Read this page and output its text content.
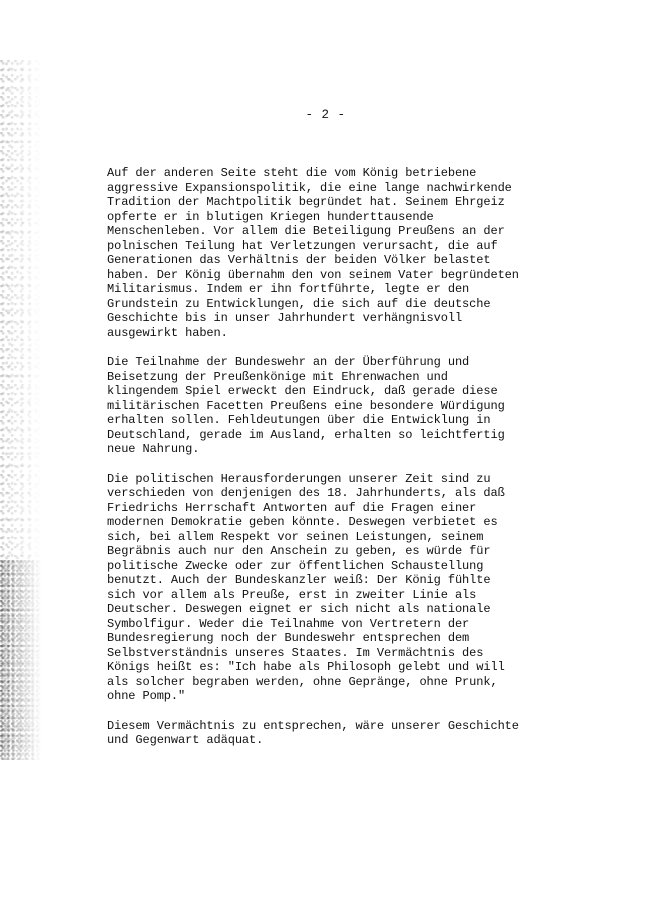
- 2 -

Auf der anderen Seite steht die vom König betriebene
aggressive Expansionspolitik, die eine lange nachwirkende
Tradition der Machtpolitik begründet hat. Seinem Ehrgeiz
opferte er in blutigen Kriegen hunderttausende
Menschenleben. Vor allem die Beteiligung Preußens an der
polnischen Teilung hat Verletzungen verursacht, die auf
Generationen das Verhältnis der beiden Völker belastet
haben. Der König übernahm den von seinem Vater begründeten
Militarismus. Indem er ihn fortführte, legte er den
Grundstein zu Entwicklungen, die sich auf die deutsche
Geschichte bis in unser Jahrhundert verhängnisvoll
ausgewirkt haben.

Die Teilnahme der Bundeswehr an der Überführung und
Beisetzung der Preußenkönige mit Ehrenwachen und
klingendem Spiel erweckt den Eindruck, daß gerade diese
militärischen Facetten Preußens eine besondere Würdigung
erhalten sollen. Fehldeutungen über die Entwicklung in
Deutschland, gerade im Ausland, erhalten so leichtfertig
neue Nahrung.

Die politischen Herausforderungen unserer Zeit sind zu
verschieden von denjenigen des 18. Jahrhunderts, als daß
Friedrichs Herrschaft Antworten auf die Fragen einer
modernen Demokratie geben könnte. Deswegen verbietet es
sich, bei allem Respekt vor seinen Leistungen, seinem
Begräbnis auch nur den Anschein zu geben, es würde für
politische Zwecke oder zur öffentlichen Schaustellung
benutzt. Auch der Bundeskanzler weiß: Der König fühlte
sich vor allem als Preuße, erst in zweiter Linie als
Deutscher. Deswegen eignet er sich nicht als nationale
Symbolfigur. Weder die Teilnahme von Vertretern der
Bundesregierung noch der Bundeswehr entsprechen dem
Selbstverständnis unseres Staates. Im Vermächtnis des
Königs heißt es: "Ich habe als Philosoph gelebt und will
als solcher begraben werden, ohne Gepränge, ohne Prunk,
ohne Pomp."

Diesem Vermächtnis zu entsprechen, wäre unserer Geschichte
und Gegenwart adäquat.
